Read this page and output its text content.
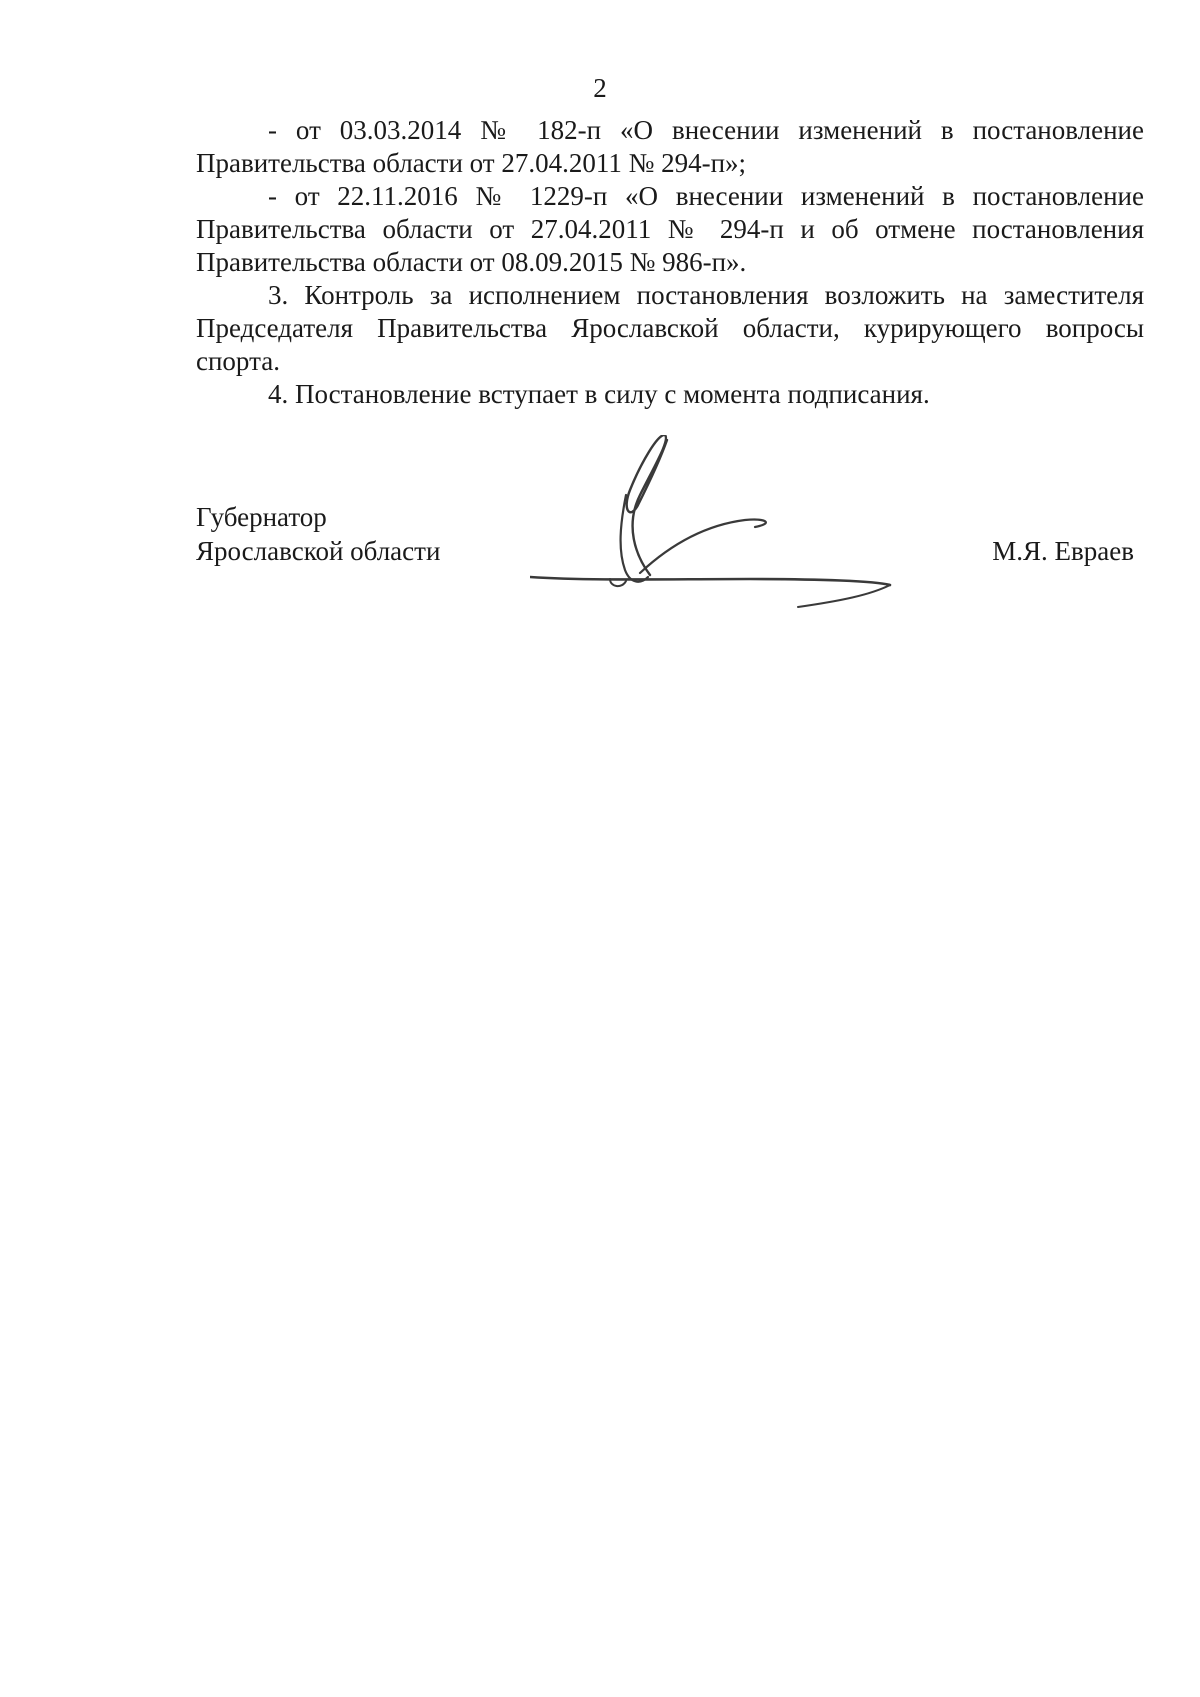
2

- от 03.03.2014 № 182-п «О внесении изменений в постановление Правительства области от 27.04.2011 № 294-п»;

- от 22.11.2016 № 1229-п «О внесении изменений в постановление Правительства области от 27.04.2011 № 294-п и об отмене постановления Правительства области от 08.09.2015 № 986-п».

3. Контроль за исполнением постановления возложить на заместителя Председателя Правительства Ярославской области, курирующего вопросы спорта.

4. Постановление вступает в силу с момента подписания.

Губернатор
Ярославской области	М.Я. Евраев
